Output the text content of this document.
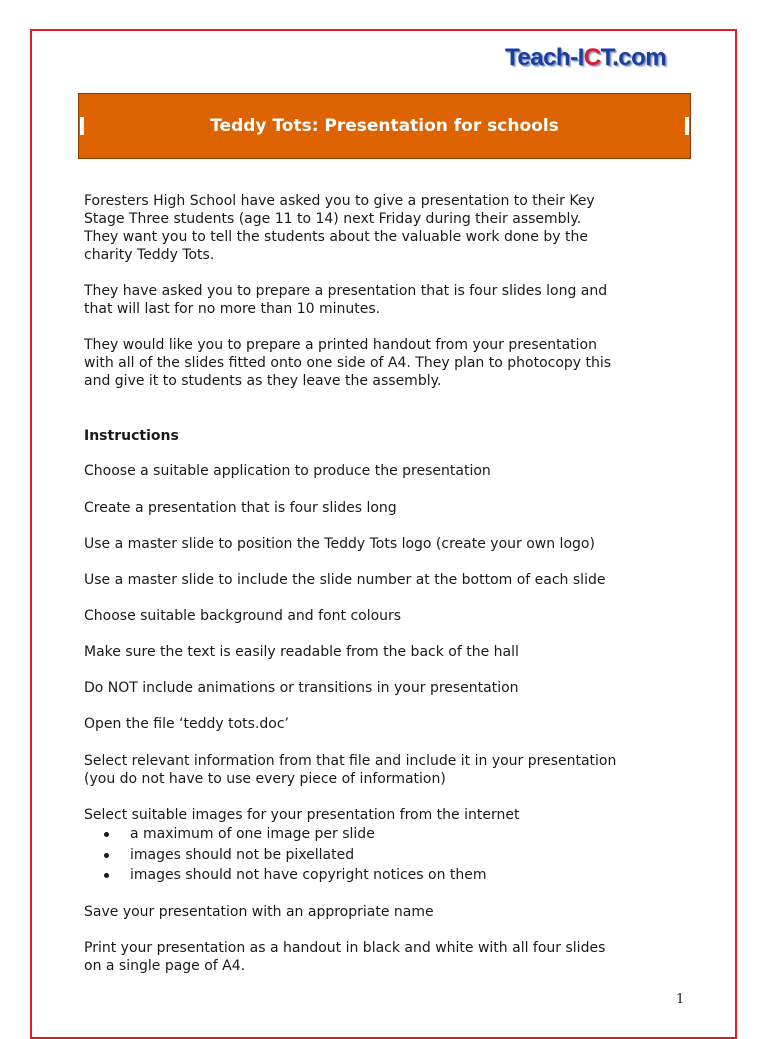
Teach-ICT.com
Teddy Tots: Presentation for schools

Foresters High School have asked you to give a presentation to their Key

Stage Three students (age 11 to 14) next Friday during their assembly.

They want you to tell the students about the valuable work done by the

charity Teddy Tots.

They have asked you to prepare a presentation that is four slides long and

that will last for no more than 10 minutes.

They would like you to prepare a printed handout from your presentation

with all of the slides fitted onto one side of A4. They plan to photocopy this

and give it to students as they leave the assembly.

Instructions

Choose a suitable application to produce the presentation

Create a presentation that is four slides long

Use a master slide to position the Teddy Tots logo (create your own logo)

Use a master slide to include the slide number at the bottom of each slide

Choose suitable background and font colours

Make sure the text is easily readable from the back of the hall

Do NOT include animations or transitions in your presentation

Open the file ‘teddy tots.doc’

Select relevant information from that file and include it in your presentation

(you do not have to use every piece of information)

Select suitable images for your presentation from the internet

a maximum of one image per slide
images should not be pixellated
images should not have copyright notices on them

Save your presentation with an appropriate name

Print your presentation as a handout in black and white with all four slides

on a single page of A4.

1
